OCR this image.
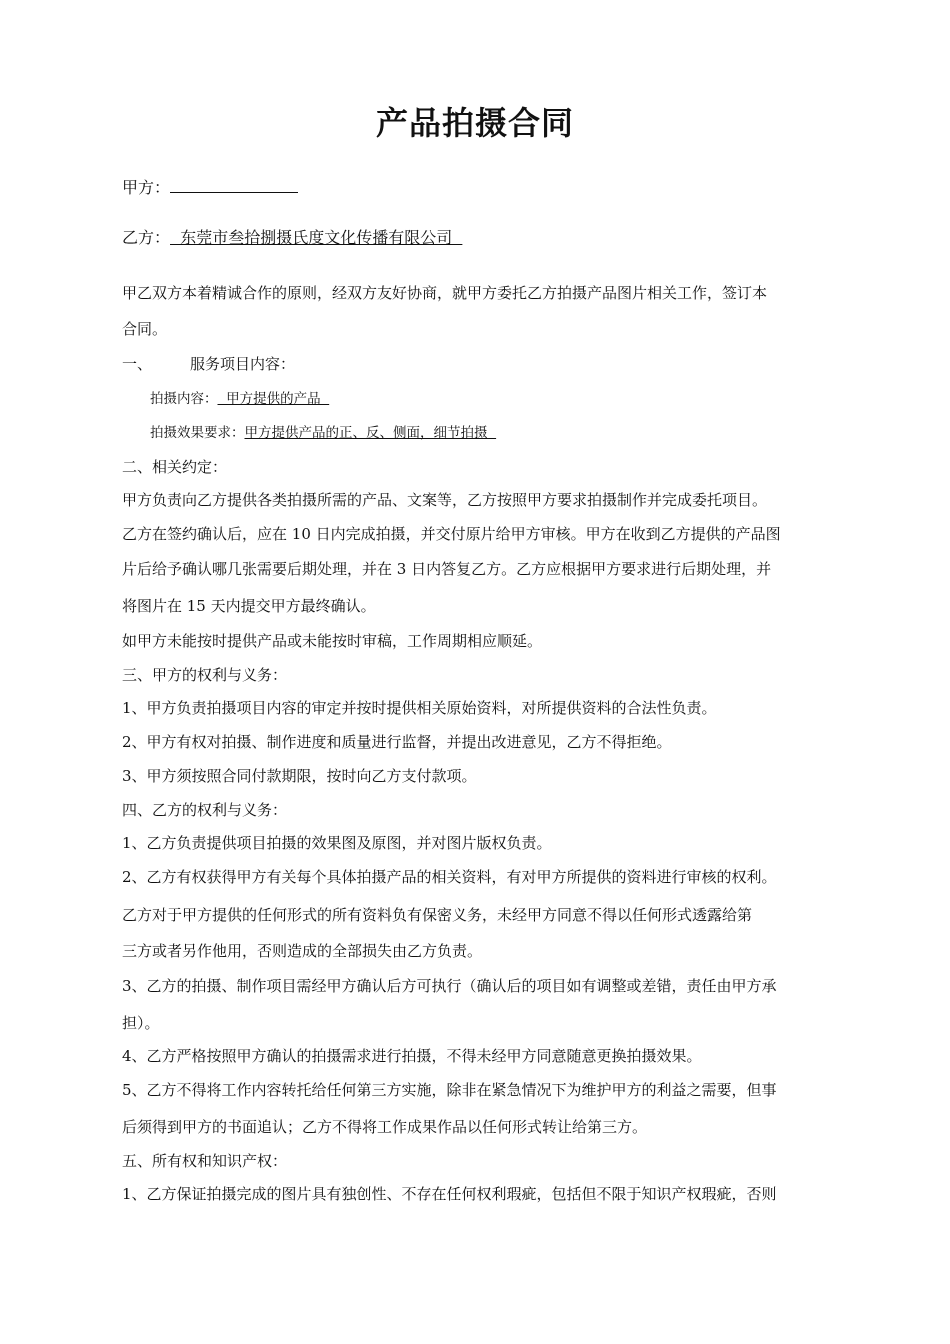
产品拍摄合同
甲方：
乙方：  东莞市叁拾捌摄氏度文化传播有限公司
甲乙双方本着精诚合作的原则，经双方友好协商，就甲方委托乙方拍摄产品图片相关工作，签订本
合同。
一、	服务项目内容：
拍摄内容：  甲方提供的产品
拍摄效果要求：甲方提供产品的正、反、侧面，细节拍摄
二、相关约定：
甲方负责向乙方提供各类拍摄所需的产品、文案等，乙方按照甲方要求拍摄制作并完成委托项目。
乙方在签约确认后，应在 10 日内完成拍摄，并交付原片给甲方审核。甲方在收到乙方提供的产品图
片后给予确认哪几张需要后期处理，并在 3 日内答复乙方。乙方应根据甲方要求进行后期处理，并
将图片在 15 天内提交甲方最终确认。
如甲方未能按时提供产品或未能按时审稿，工作周期相应顺延。
三、甲方的权利与义务：
1、甲方负责拍摄项目内容的审定并按时提供相关原始资料，对所提供资料的合法性负责。
2、甲方有权对拍摄、制作进度和质量进行监督，并提出改进意见，乙方不得拒绝。
3、甲方须按照合同付款期限，按时向乙方支付款项。
四、乙方的权利与义务：
1、乙方负责提供项目拍摄的效果图及原图，并对图片版权负责。
2、乙方有权获得甲方有关每个具体拍摄产品的相关资料，有对甲方所提供的资料进行审核的权利。
乙方对于甲方提供的任何形式的所有资料负有保密义务，未经甲方同意不得以任何形式透露给第
三方或者另作他用，否则造成的全部损失由乙方负责。
3、乙方的拍摄、制作项目需经甲方确认后方可执行（确认后的项目如有调整或差错，责任由甲方承
担）。
4、乙方严格按照甲方确认的拍摄需求进行拍摄，不得未经甲方同意随意更换拍摄效果。
5、乙方不得将工作内容转托给任何第三方实施，除非在紧急情况下为维护甲方的利益之需要，但事
后须得到甲方的书面追认；乙方不得将工作成果作品以任何形式转让给第三方。
五、所有权和知识产权：
1、乙方保证拍摄完成的图片具有独创性、不存在任何权利瑕疵，包括但不限于知识产权瑕疵，否则
